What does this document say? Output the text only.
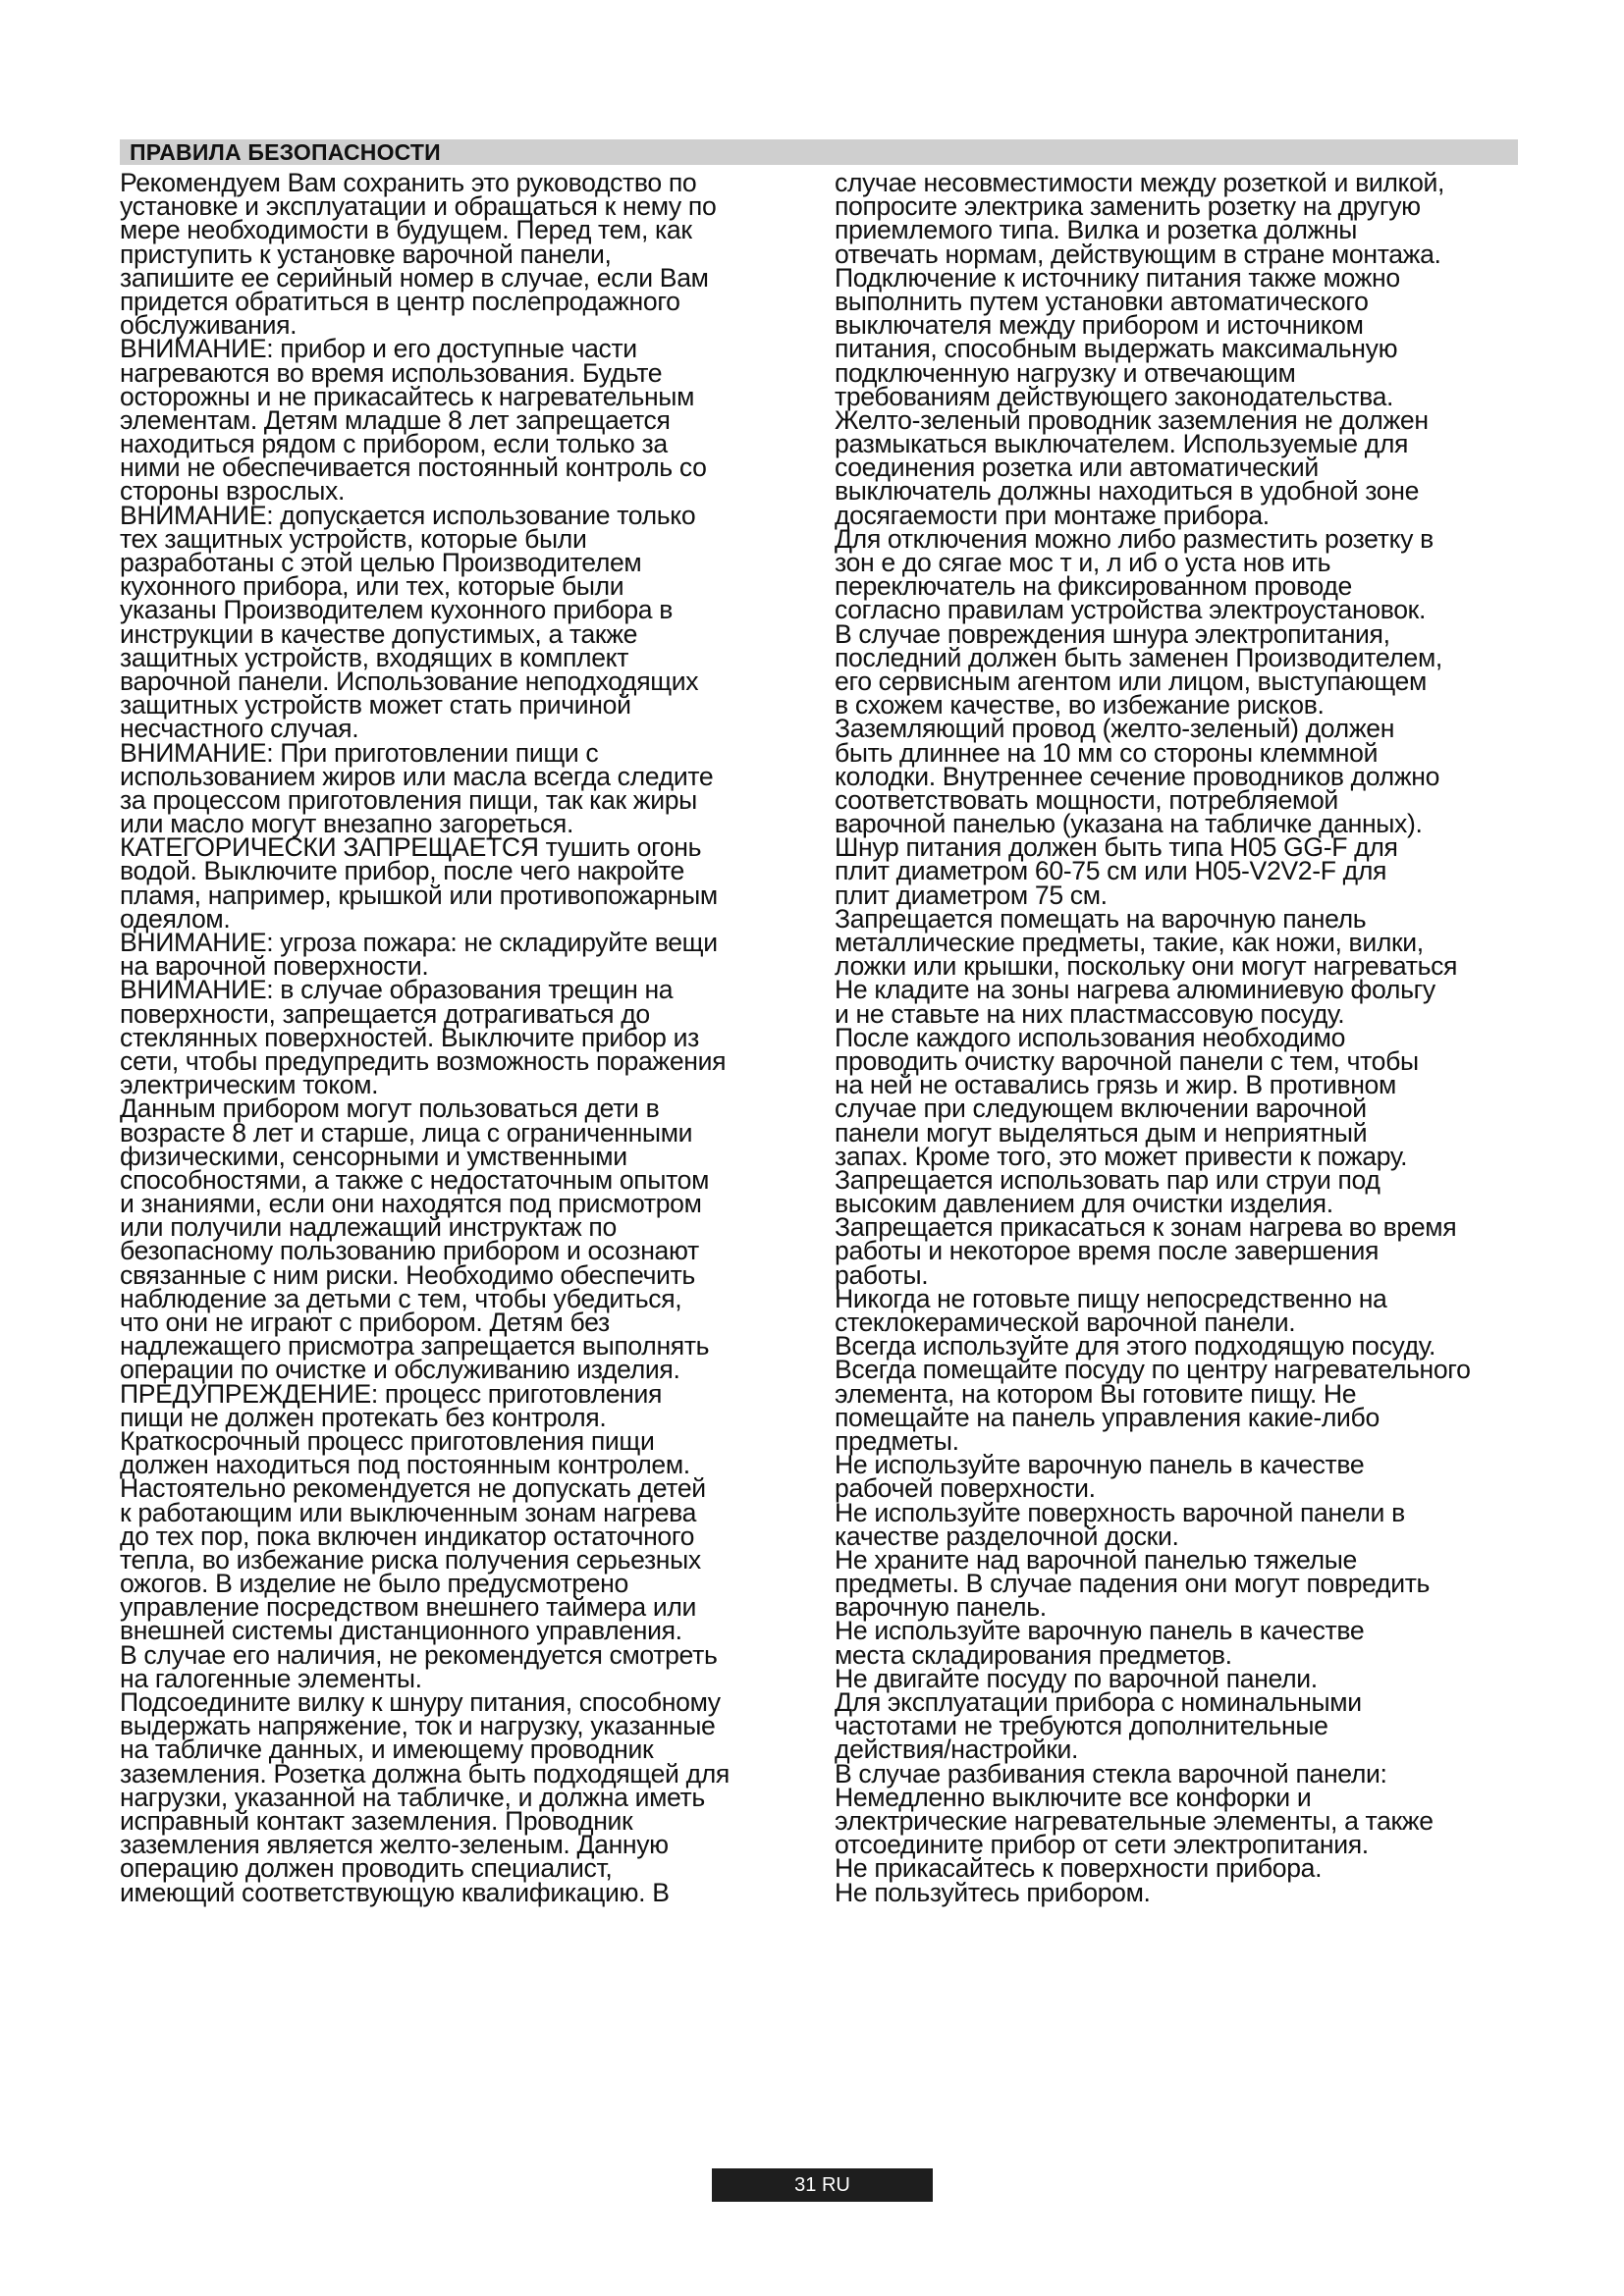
ПРАВИЛА БЕЗОПАСНОСТИ
Рекомендуем Вам сохранить это руководство по
установке и эксплуатации и обращаться к нему по
мере необходимости в будущем. Перед тем, как
приступить к установке варочной панели,
запишите ее серийный номер в случае, если Вам
придется обратиться в центр послепродажного
обслуживания.
ВНИМАНИЕ: прибор и его доступные части
нагреваются во время использования. Будьте
осторожны и не прикасайтесь к нагревательным
элементам. Детям младше 8 лет запрещается
находиться рядом с прибором, если только за
ними не обеспечивается постоянный контроль со
стороны взрослых.
ВНИМАНИЕ: допускается использование только
тех защитных устройств, которые были
разработаны с этой целью Производителем
кухонного прибора, или тех, которые были
указаны Производителем кухонного прибора в
инструкции в качестве допустимых, а также
защитных устройств, входящих в комплект
варочной панели. Использование неподходящих
защитных устройств может стать причиной
несчастного случая.
ВНИМАНИЕ: При приготовлении пищи с
использованием жиров или масла всегда следите
за процессом приготовления пищи, так как жиры
или масло могут внезапно загореться.
КАТЕГОРИЧЕСКИ ЗАПРЕЩАЕТСЯ тушить огонь
водой. Выключите прибор, после чего накройте
пламя, например, крышкой или противопожарным
одеялом.
ВНИМАНИЕ: угроза пожара: не складируйте вещи
на варочной поверхности.
ВНИМАНИЕ: в случае образования трещин на
поверхности, запрещается дотрагиваться до
стеклянных поверхностей. Выключите прибор из
сети, чтобы предупредить возможность поражения
электрическим током.
Данным прибором могут пользоваться дети в
возрасте 8 лет и старше, лица с ограниченными
физическими, сенсорными и умственными
способностями, а также с недостаточным опытом
и знаниями, если они находятся под присмотром
или получили надлежащий инструктаж по
безопасному пользованию прибором и осознают
связанные с ним риски. Необходимо обеспечить
наблюдение за детьми с тем, чтобы убедиться,
что они не играют с прибором. Детям без
надлежащего присмотра запрещается выполнять
операции по очистке и обслуживанию изделия.
ПРЕДУПРЕЖДЕНИЕ: процесс приготовления
пищи не должен протекать без контроля.
Краткосрочный процесс приготовления пищи
должен находиться под постоянным контролем.
Настоятельно рекомендуется не допускать детей
к работающим или выключенным зонам нагрева
до тех пор, пока включен индикатор остаточного
тепла, во избежание риска получения серьезных
ожогов. В изделие не было предусмотрено
управление посредством внешнего таймера или
внешней системы дистанционного управления.
В случае его наличия, не рекомендуется смотреть
на галогенные элементы.
Подсоедините вилку к шнуру питания, способному
выдержать напряжение, ток и нагрузку, указанные
на табличке данных, и имеющему проводник
заземления. Розетка должна быть подходящей для
нагрузки, указанной на табличке, и должна иметь
исправный контакт заземления. Проводник
заземления является желто-зеленым. Данную
операцию должен проводить специалист,
имеющий соответствующую квалификацию. В
случае несовместимости между розеткой и вилкой,
попросите электрика заменить розетку на другую
приемлемого типа. Вилка и розетка должны
отвечать нормам, действующим в стране монтажа.
Подключение к источнику питания также можно
выполнить путем установки автоматического
выключателя между прибором и источником
питания, способным выдержать максимальную
подключенную нагрузку и отвечающим
требованиям действующего законодательства.
Желто-зеленый проводник заземления не должен
размыкаться выключателем. Используемые для
соединения розетка или автоматический
выключатель должны находиться в удобной зоне
досягаемости при монтаже прибора.
Для отключения можно либо разместить розетку в
зон е до сягае мос т и, л иб о уста нов ить
переключатель на фиксированном проводе
согласно правилам устройства электроустановок.
В случае повреждения шнура электропитания,
последний должен быть заменен Производителем,
его сервисным агентом или лицом, выступающем
в схожем качестве, во избежание рисков.
Заземляющий провод (желто-зеленый) должен
быть длиннее на 10 мм со стороны клеммной
колодки. Внутреннее сечение проводников должно
соответствовать мощности, потребляемой
варочной панелью (указана на табличке данных).
Шнур питания должен быть типа H05 GG-F для
плит диаметром 60-75 см или H05-V2V2-F для
плит диаметром 75 см.
Запрещается помещать на варочную панель
металлические предметы, такие, как ножи, вилки,
ложки или крышки, поскольку они могут нагреваться
Не кладите на зоны нагрева алюминиевую фольгу
и не ставьте на них пластмассовую посуду.
После каждого использования необходимо
проводить очистку варочной панели с тем, чтобы
на ней не оставались грязь и жир. В противном
случае при следующем включении варочной
панели могут выделяться дым и неприятный
запах. Кроме того, это может привести к пожару.
Запрещается использовать пар или струи под
высоким давлением для очистки изделия.
Запрещается прикасаться к зонам нагрева во время
работы и некоторое время после завершения
работы.
Никогда не готовьте пищу непосредственно на
стеклокерамической варочной панели.
Всегда используйте для этого подходящую посуду.
Всегда помещайте посуду по центру нагревательного
элемента, на котором Вы готовите пищу. Не
помещайте на панель управления какие-либо
предметы.
Не используйте варочную панель в качестве
рабочей поверхности.
Не используйте поверхность варочной панели в
качестве разделочной доски.
Не храните над варочной панелью тяжелые
предметы. В случае падения они могут повредить
варочную панель.
Не используйте варочную панель в качестве
места складирования предметов.
Не двигайте посуду по варочной панели.
Для эксплуатации прибора с номинальными
частотами не требуются дополнительные
действия/настройки.
В случае разбивания стекла варочной панели:
Немедленно выключите все конфорки и
электрические нагревательные элементы, а также
отсоедините прибор от сети электропитания.
Не прикасайтесь к поверхности прибора.
Не пользуйтесь прибором.
31 RU
